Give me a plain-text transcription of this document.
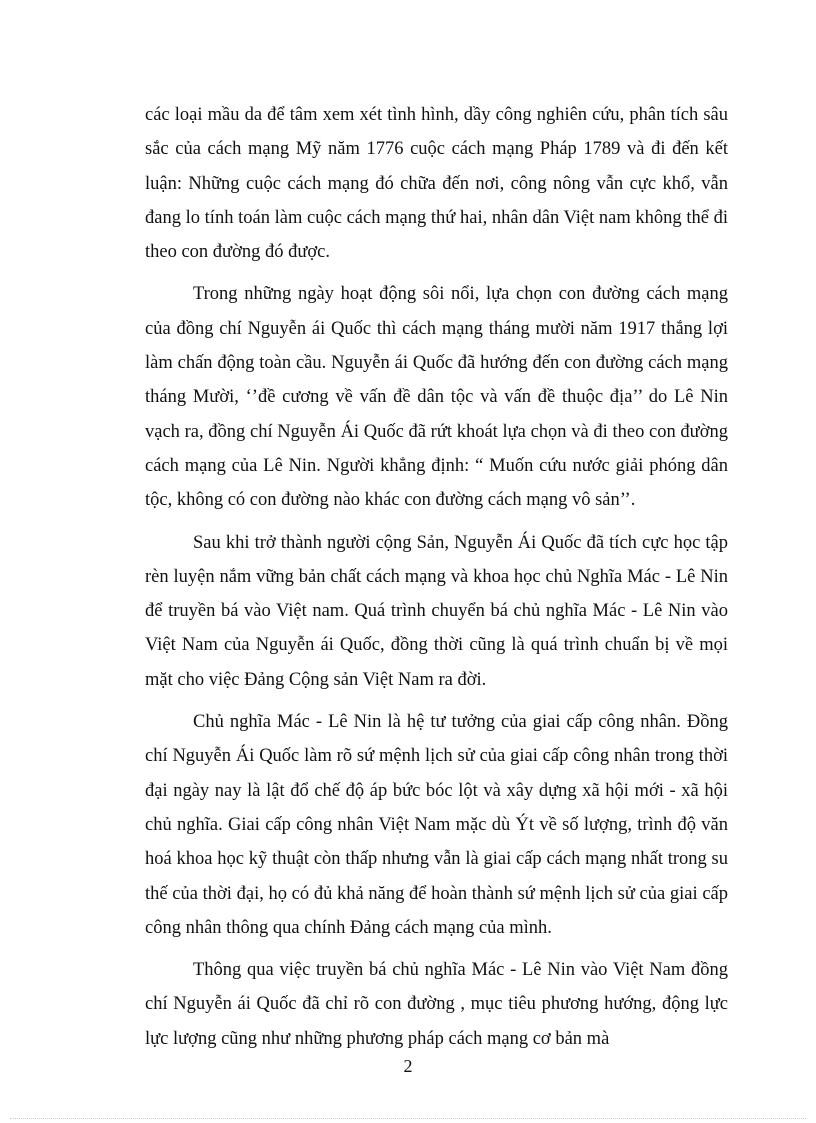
các loại mầu da để tâm xem xét tình hình, dầy công nghiên cứu, phân tích sâu sắc của cách mạng Mỹ năm 1776 cuộc cách mạng Pháp 1789 và đi đến kết luận: Những cuộc cách mạng đó chữa đến nơi, công nông vẫn cực khổ, vẫn đang lo tính toán làm cuộc cách mạng thứ hai, nhân dân Việt nam không thể đi theo con đường đó được.

Trong những ngày hoạt động sôi nổi, lựa chọn con đường cách mạng của đồng chí Nguyễn ái Quốc thì cách mạng tháng mười năm 1917 thắng lợi làm chấn động toàn cầu. Nguyễn ái Quốc đã hướng đến con đường cách mạng tháng Mười, ‘’đề cương về vấn đề dân tộc và vấn đề thuộc địa’’ do Lê Nin vạch ra, đồng chí Nguyễn Ái Quốc đã rứt khoát lựa chọn và đi theo con đường cách mạng của Lê Nin. Người khẳng định: “ Muốn cứu nước giải phóng dân tộc, không có con đường nào khác con đường cách mạng vô sản’’.

Sau khi trở thành người cộng Sản, Nguyễn Ái Quốc đã tích cực học tập rèn luyện nắm vững bản chất cách mạng và khoa học chủ Nghĩa Mác - Lê Nin để truyền bá vào Việt nam. Quá trình chuyển bá chủ nghĩa Mác - Lê Nin vào Việt Nam của Nguyễn ái Quốc, đồng thời cũng là quá trình chuẩn bị về mọi mặt cho việc Đảng Cộng sản Việt Nam ra đời.

Chủ nghĩa Mác - Lê Nin là hệ tư tưởng của giai cấp công nhân. Đồng chí Nguyễn Ái Quốc làm rõ sứ mệnh lịch sử của giai cấp công nhân trong thời đại ngày nay là lật đổ chế độ áp bức bóc lột và xây dựng xã hội mới - xã hội chủ nghĩa. Giai cấp công nhân Việt Nam mặc dù Ýt về số lượng, trình độ văn hoá khoa học kỹ thuật còn thấp nhưng vẫn là giai cấp cách mạng nhất trong su thế của thời đại, họ có đủ khả năng để hoàn thành sứ mệnh lịch sử của giai cấp công nhân thông qua chính Đảng cách mạng của mình.

Thông qua việc truyền bá chủ nghĩa Mác - Lê Nin vào Việt Nam đồng chí Nguyễn ái Quốc đã chỉ rõ con đường , mục tiêu phương hướng, động lực lực lượng cũng như những phương pháp cách mạng cơ bản mà

2
